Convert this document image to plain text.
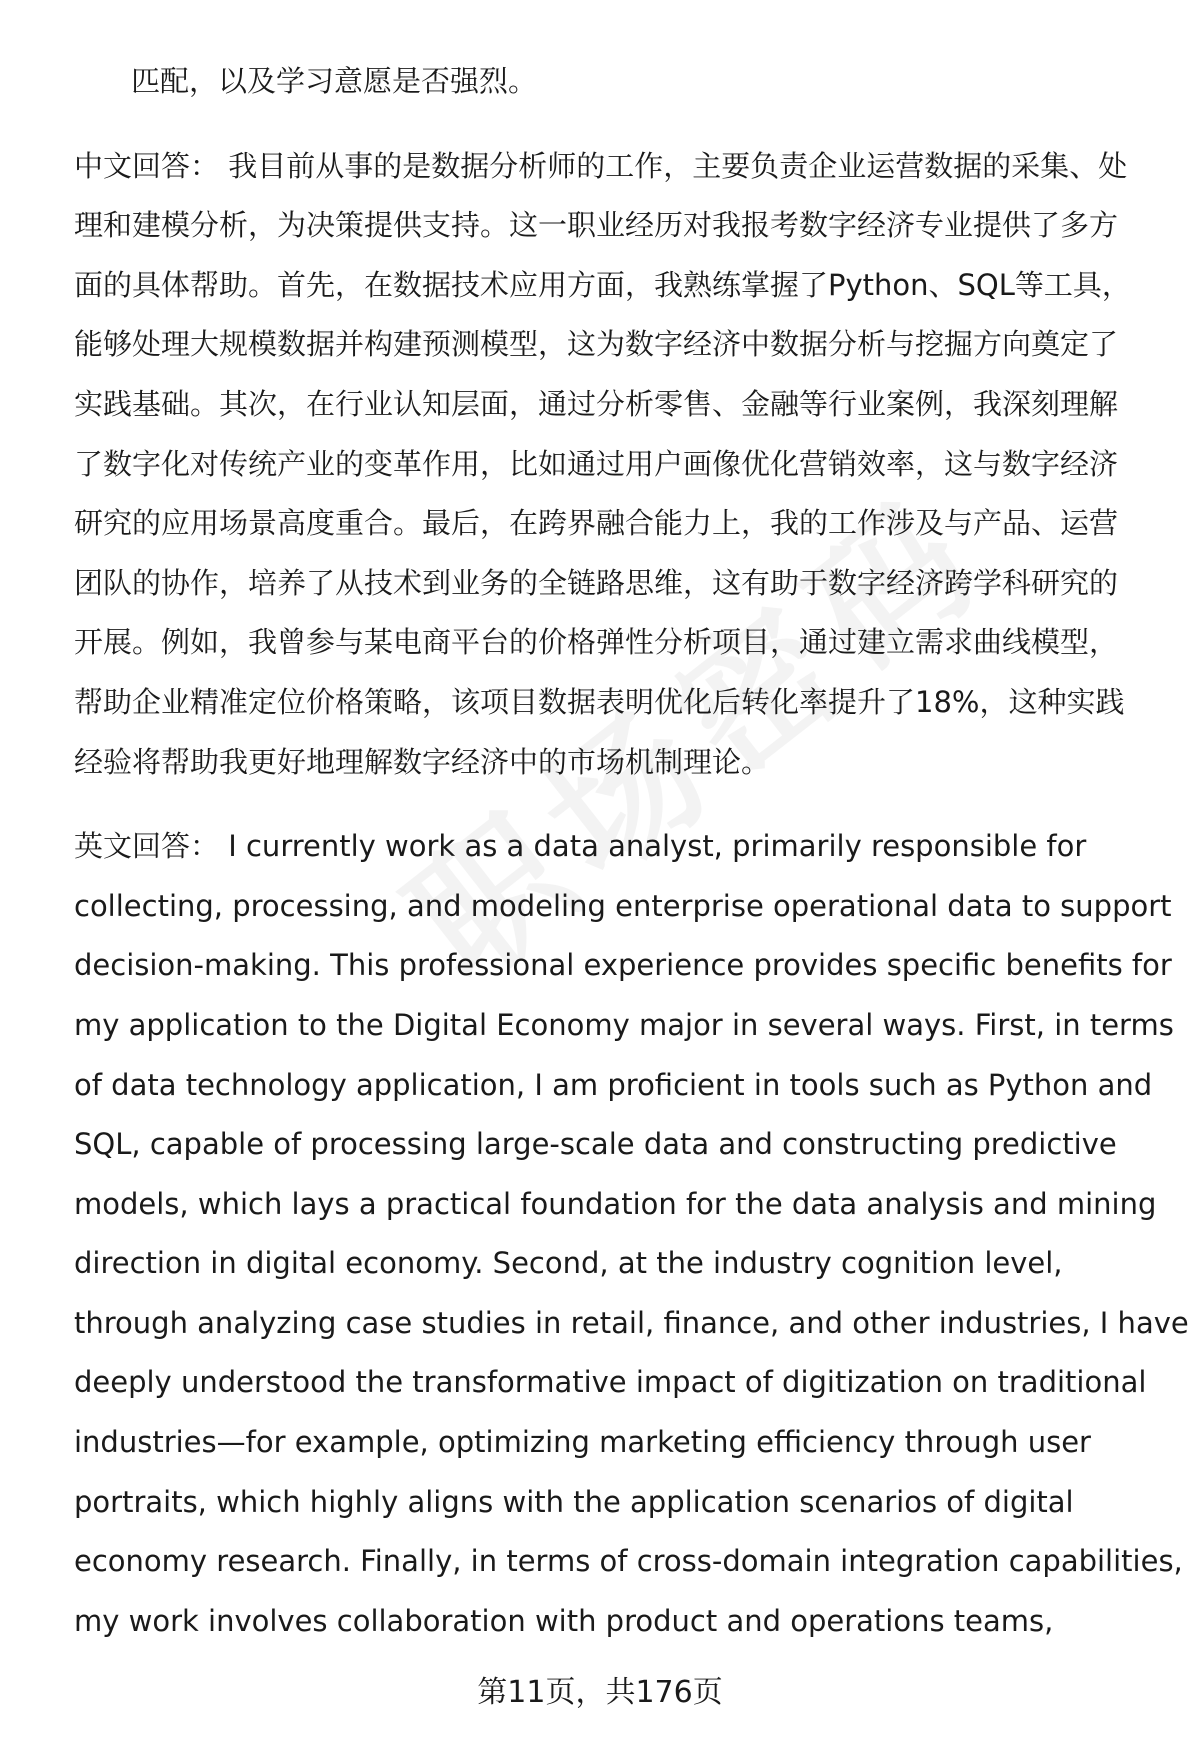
匹配，以及学习意愿是否强烈。

中文回答： 我目前从事的是数据分析师的工作，主要负责企业运营数据的采集、处

理和建模分析，为决策提供支持。这一职业经历对我报考数字经济专业提供了多方

面的具体帮助。首先，在数据技术应用方面，我熟练掌握了Python、SQL等工具，

能够处理大规模数据并构建预测模型，这为数字经济中数据分析与挖掘方向奠定了

实践基础。其次，在行业认知层面，通过分析零售、金融等行业案例，我深刻理解

了数字化对传统产业的变革作用，比如通过用户画像优化营销效率，这与数字经济

研究的应用场景高度重合。最后，在跨界融合能力上，我的工作涉及与产品、运营

团队的协作，培养了从技术到业务的全链路思维，这有助于数字经济跨学科研究的

开展。例如，我曾参与某电商平台的价格弹性分析项目，通过建立需求曲线模型，

帮助企业精准定位价格策略，该项目数据表明优化后转化率提升了18%，这种实践

经验将帮助我更好地理解数字经济中的市场机制理论。

英文回答： I currently work as a data analyst, primarily responsible for

collecting, processing, and modeling enterprise operational data to support

decision-making. This professional experience provides specific benefits for

my application to the Digital Economy major in several ways. First, in terms

of data technology application, I am proficient in tools such as Python and

SQL, capable of processing large-scale data and constructing predictive

models, which lays a practical foundation for the data analysis and mining

direction in digital economy. Second, at the industry cognition level,

through analyzing case studies in retail, finance, and other industries, I have

deeply understood the transformative impact of digitization on traditional

industries—for example, optimizing marketing efficiency through user

portraits, which highly aligns with the application scenarios of digital

economy research. Finally, in terms of cross-domain integration capabilities,

my work involves collaboration with product and operations teams,

第11页，共176页
